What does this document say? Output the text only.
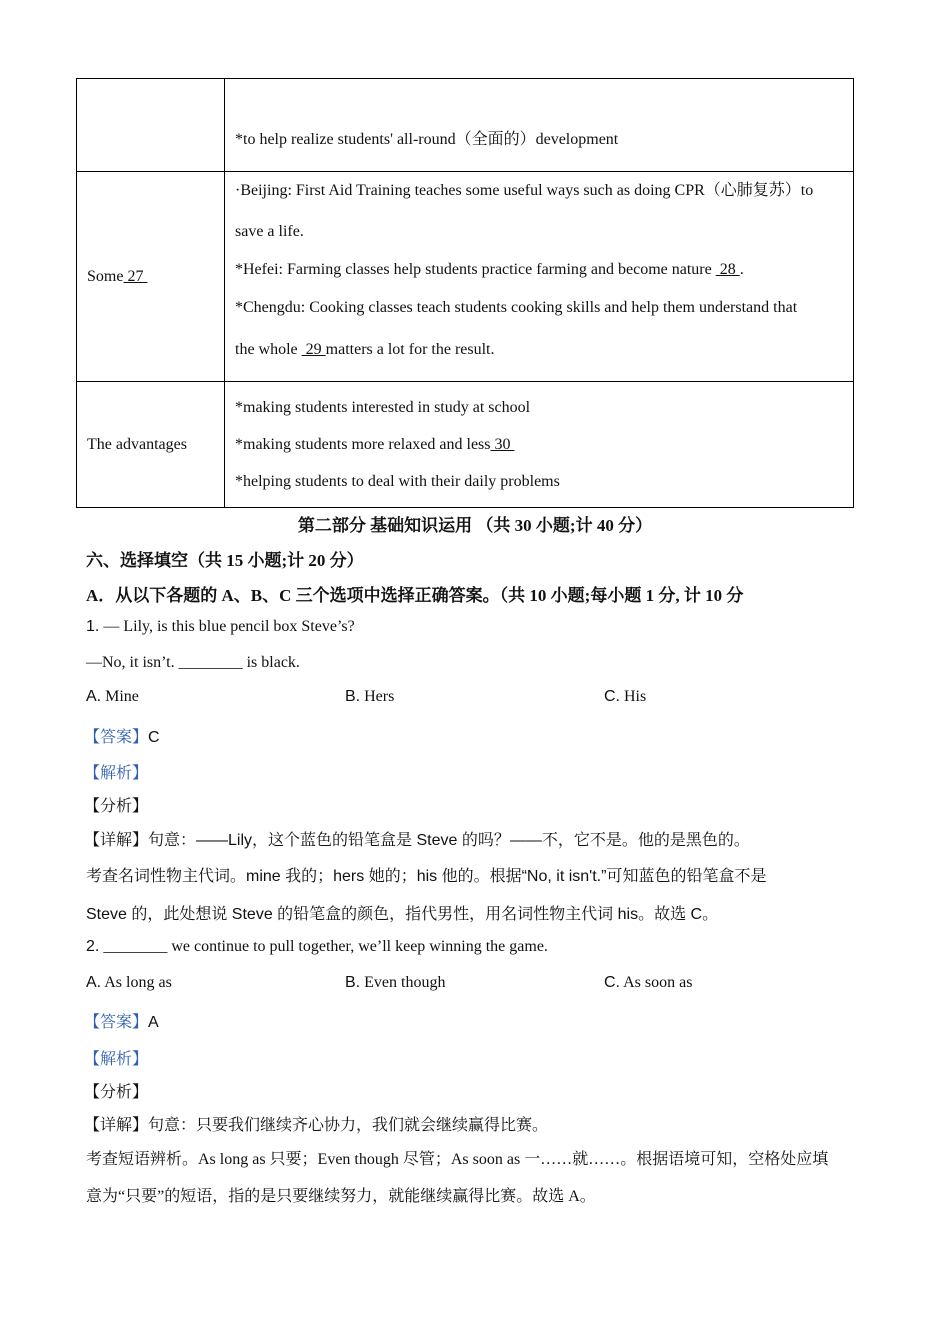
	*to help realize students' all-round（全面的）development

Some 27	·Beijing: First Aid Training teaches some useful ways such as doing CPR（心肺复苏）to
save a life.
*Hefei: Farming classes help students practice farming and become nature  28 .
*Chengdu: Cooking classes teach students cooking skills and help them understand that
the whole  29 matters a lot for the result.

The advantages	*making students interested in study at school
*making students more relaxed and less 30
*helping students to deal with their daily problems
第二部分 基础知识运用 （共 30 小题;计 40 分）
六、选择填空（共 15 小题;计 20 分）
A．从以下各题的 A、B、C 三个选项中选择正确答案。（共 10 小题;每小题 1 分, 计 10 分
1. — Lily, is this blue pencil box Steve’s?
—No, it isn’t. ________ is black.
A. Mine	B. Hers	C. His
【答案】C
【解析】
【分析】
【详解】句意：——Lily，这个蓝色的铅笔盒是 Steve 的吗？——不，它不是。他的是黑色的。
考查名词性物主代词。mine 我的；hers 她的；his 他的。根据“No, it isn't.”可知蓝色的铅笔盒不是
Steve 的，此处想说 Steve 的铅笔盒的颜色，指代男性，用名词性物主代词 his。故选 C。
2. ________ we continue to pull together, we’ll keep winning the game.
A. As long as	B. Even though	C. As soon as
【答案】A
【解析】
【分析】
【详解】句意：只要我们继续齐心协力，我们就会继续赢得比赛。
考查短语辨析。As long as 只要；Even though 尽管；As soon as 一……就……。根据语境可知，空格处应填
意为“只要”的短语，指的是只要继续努力，就能继续赢得比赛。故选 A。
